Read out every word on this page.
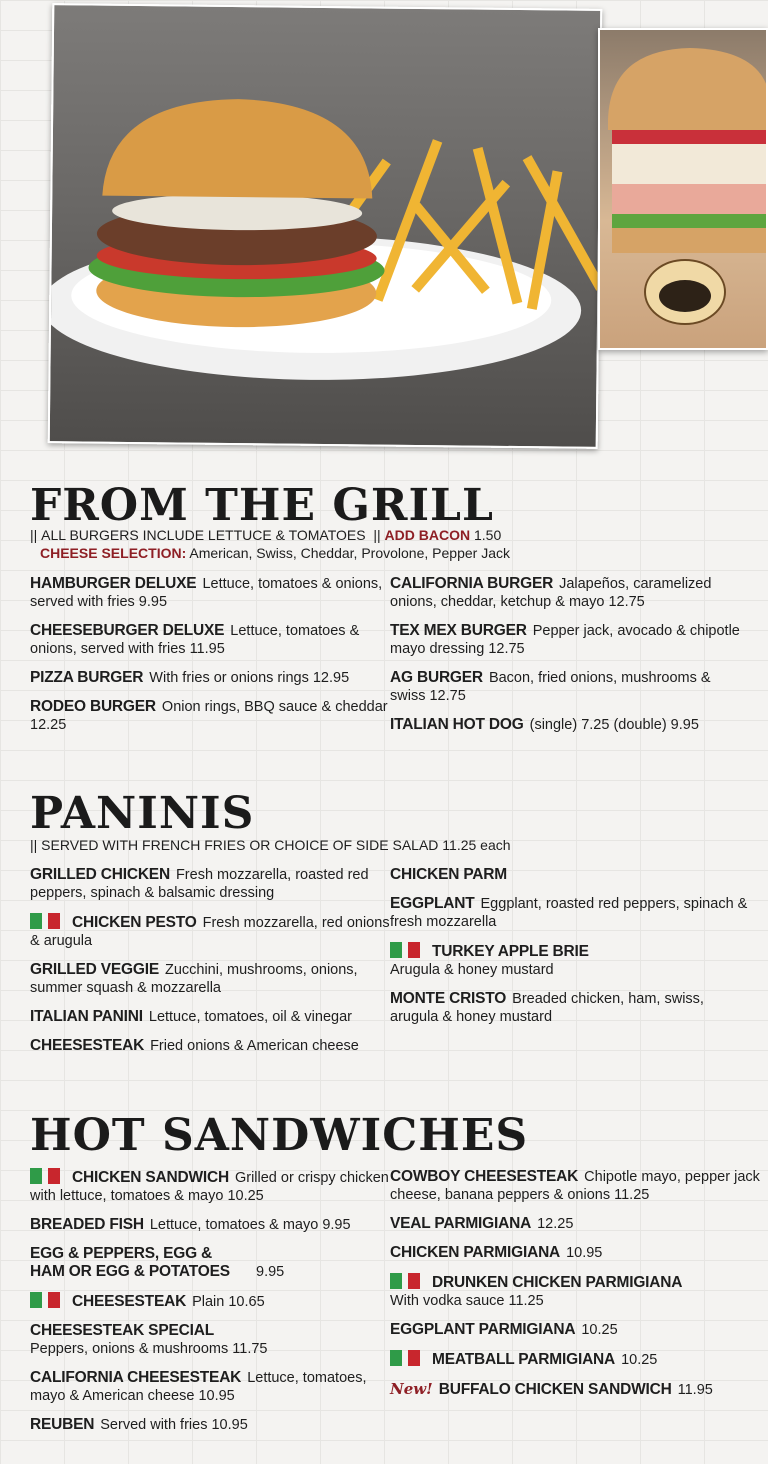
FROM THE GRILL
|| ALL BURGERS INCLUDE LETTUCE & TOMATOES  || ADD BACON 1.50
CHEESE SELECTION: American, Swiss, Cheddar, Provolone, Pepper Jack
HAMBURGER DELUXE Lettuce, tomatoes & onions, served with fries 9.95
CHEESEBURGER DELUXE Lettuce, tomatoes & onions, served with fries 11.95
PIZZA BURGER With fries or onions rings 12.95
RODEO BURGER Onion rings, BBQ sauce & cheddar 12.25
CALIFORNIA BURGER Jalapeños, caramelized onions, cheddar, ketchup & mayo 12.75
TEX MEX BURGER Pepper jack, avocado & chipotle mayo dressing 12.75
AG BURGER Bacon, fried onions, mushrooms & swiss 12.75
ITALIAN HOT DOG (single) 7.25 (double) 9.95
PANINIS
|| SERVED WITH FRENCH FRIES OR CHOICE OF SIDE SALAD 11.25 each
GRILLED CHICKEN Fresh mozzarella, roasted red peppers, spinach & balsamic dressing
CHICKEN PESTO Fresh mozzarella, red onions & arugula
GRILLED VEGGIE Zucchini, mushrooms, onions, summer squash & mozzarella
ITALIAN PANINI Lettuce, tomatoes, oil & vinegar
CHEESESTEAK Fried onions & American cheese
CHICKEN PARM
EGGPLANT Eggplant, roasted red peppers, spinach & fresh mozzarella
TURKEY APPLE BRIE
Arugula & honey mustard
MONTE CRISTO Breaded chicken, ham, swiss, arugula & honey mustard
HOT SANDWICHES
CHICKEN SANDWICH Grilled or crispy chicken with lettuce, tomatoes & mayo 10.25
BREADED FISH Lettuce, tomatoes & mayo 9.95
EGG & PEPPERS, EGG & HAM OR EGG & POTATOES 9.95
CHEESESTEAK Plain 10.65
CHEESESTEAK SPECIAL
Peppers, onions & mushrooms 11.75
CALIFORNIA CHEESESTEAK Lettuce, tomatoes, mayo & American cheese 10.95
REUBEN Served with fries 10.95
COWBOY CHEESESTEAK Chipotle mayo, pepper jack cheese, banana peppers & onions 11.25
VEAL PARMIGIANA 12.25
CHICKEN PARMIGIANA 10.95
DRUNKEN CHICKEN PARMIGIANA
With vodka sauce 11.25
EGGPLANT PARMIGIANA 10.25
MEATBALL PARMIGIANA 10.25
New! BUFFALO CHICKEN SANDWICH 11.95
